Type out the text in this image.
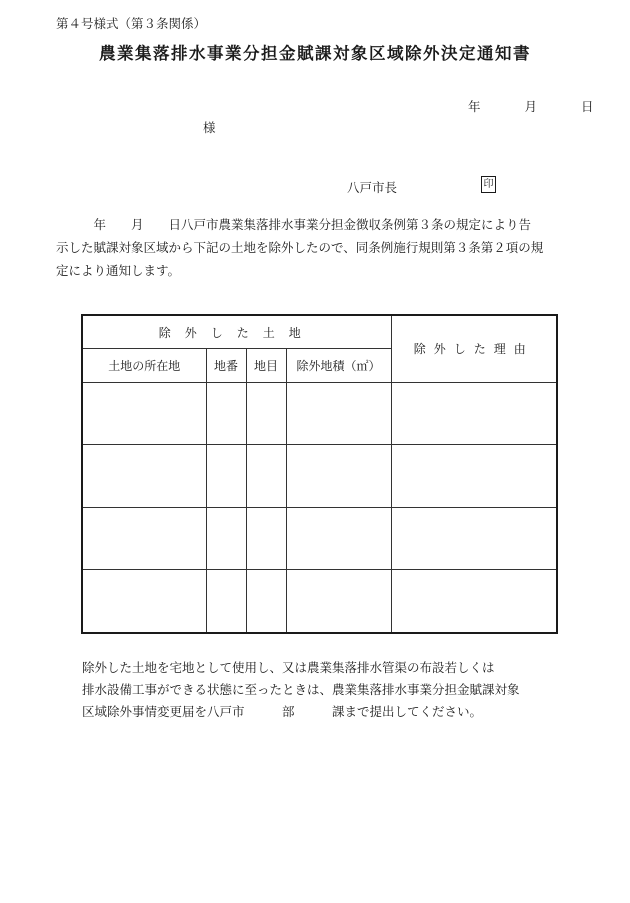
第４号様式（第３条関係）
農業集落排水事業分担金賦課対象区域除外決定通知書
年	月	日
様
八戸市長	印
　　　年　　月　　日八戸市農業集落排水事業分担金徴収条例第３条の規定により告
示した賦課対象区域から下記の土地を除外したので、同条例施行規則第３条第２項の規
定により通知します。
除外した土地				除外した理由
土地の所在地	地番	地目	除外地積（㎡）	

除外した土地を宅地として使用し、又は農業集落排水管渠の布設若しくは
排水設備工事ができる状態に至ったときは、農業集落排水事業分担金賦課対象
区域除外事情変更届を八戸市　　　部　　　課まで提出してください。
